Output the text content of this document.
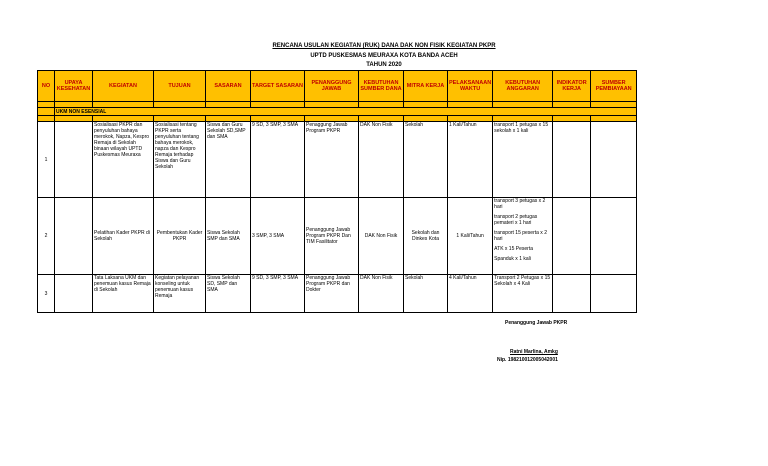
RENCANA USULAN KEGIATAN (RUK) DANA DAK NON FISIK KEGIATAN PKPR
UPTD PUSKESMAS MEURAXA KOTA BANDA ACEH
TAHUN 2020
NO	UPAYA KESEHATAN	KEGIATAN	TUJUAN	SASARAN	TARGET SASARAN	PENANGGUNG JAWAB	KEBUTUHAN SUMBER DANA	MITRA KERJA	PELAKSANAAN WAKTU	KEBUTUHAN ANGGARAN	INDIKATOR KERJA	SUMBER PEMBIAYAAN

	UKM NON ESENSIAL											

1		Sosialisasi PKPR dan penyuluhan bahaya merokok, Napza, Kespro Remaja di Sekolah binaan wilayah UPTD Puskesmas Meuraxa	Sosialisasi tentang PKPR serta penyuluhan tentang bahaya merokok, napza dan Kespro Remaja terhadap Siswa dan Guru Sekolah	Siswa dan Guru Sekolah SD,SMP dan SMA	9 SD, 3 SMP, 3 SMA	Penaggung Jawab Program PKPR	DAK Non Fisik	Sekolah	1 Kali/Tahun	transport 1 petugas x 15 sekolah x 1 kali		

2		Pelatihan Kader PKPR di Sekolah	Pembentukan Kader PKPR	Siswa Sekolah SMP dan SMA	3 SMP, 3 SMA	Penanggung Jawab Program PKPR Dan TIM Fasilitator	DAK Non Fisik	Sekolah dan Dinkes Kota	1 Kali/Tahun	transport 3 petugas x 2 hari
transport 2 petugas pemateri x 1 hari
transport 15 peserta x 2 hari
ATK x 15 Peserta
Spanduk x 1 kali		

3		Tata Laksana UKM dan penemuan kasus Remaja di Sekolah	Kegiatan pelayanan konseling untuk penemuan kasus Remaja	Siswa Sekolah SD, SMP dan SMA	9 SD, 3 SMP, 3 SMA	Penanggung Jawab Program PKPR dan Dokter	DAK Non Fisik	Sekolah	4 Kali/Tahun	Transport 2 Petugas x 15 Sekolah x 4 Kali		

Penanggung Jawab PKPR
Ratni Marlina, Amkg
Nip. 198210012005042001
